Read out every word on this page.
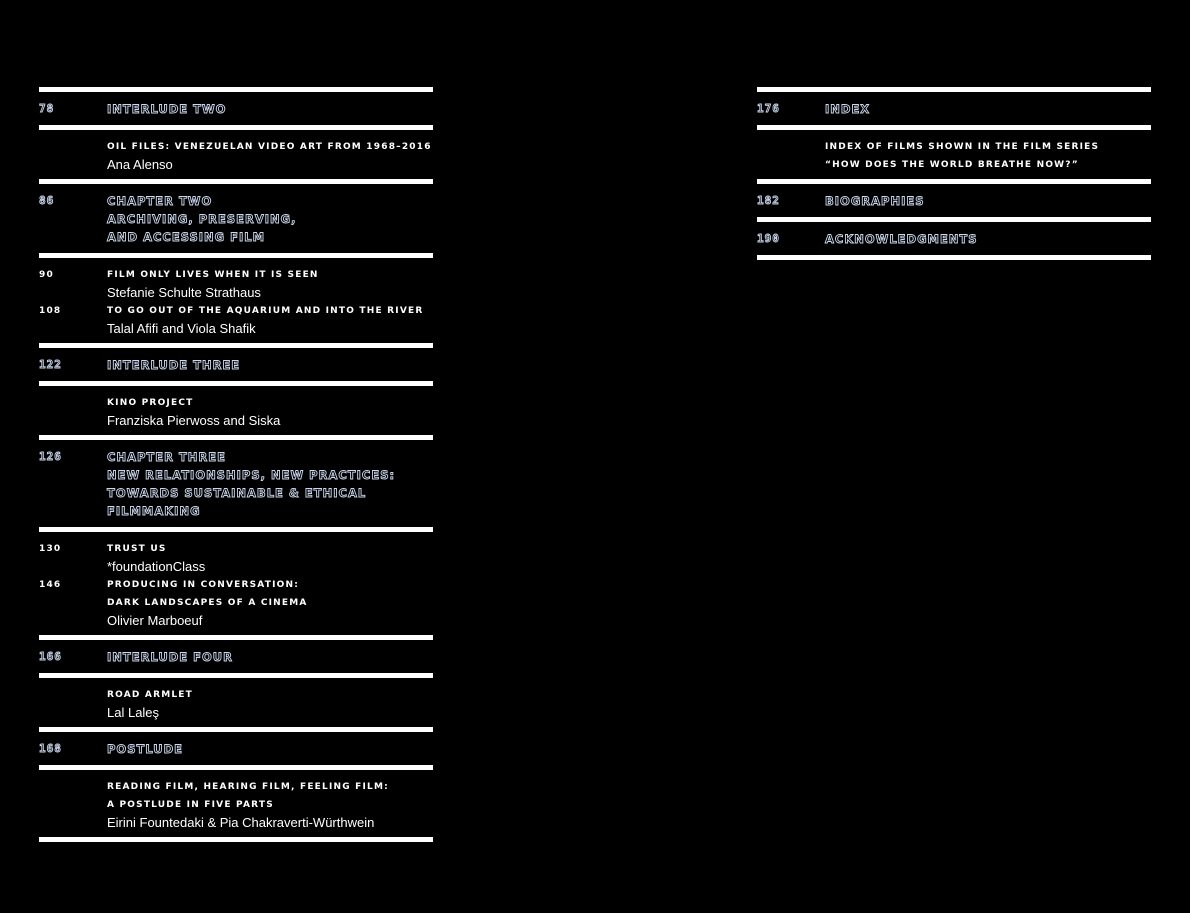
78	INTERLUDE TWO
OIL FILES: VENEZUELAN VIDEO ART FROM 1968–2016
Ana Alenso
86	CHAPTER TWO
ARCHIVING, PRESERVING,
AND ACCESSING FILM
90	FILM ONLY LIVES WHEN IT IS SEEN
Stefanie Schulte Strathaus
108	TO GO OUT OF THE AQUARIUM AND INTO THE RIVER
Talal Afifi and Viola Shafik
122	INTERLUDE THREE
KINO PROJECT
Franziska Pierwoss and Siska
126	CHAPTER THREE
NEW RELATIONSHIPS, NEW PRACTICES:
TOWARDS SUSTAINABLE & ETHICAL
FILMMAKING
130	TRUST US
*foundationClass
146	PRODUCING IN CONVERSATION:
DARK LANDSCAPES OF A CINEMA
Olivier Marboeuf
166	INTERLUDE FOUR
ROAD ARMLET
Lal Laleş
168	POSTLUDE
READING FILM, HEARING FILM, FEELING FILM:
A POSTLUDE IN FIVE PARTS
Eirini Fountedaki & Pia Chakraverti-Würthwein
176	INDEX
INDEX OF FILMS SHOWN IN THE FILM SERIES
“HOW DOES THE WORLD BREATHE NOW?”
182	BIOGRAPHIES
190	ACKNOWLEDGMENTS
